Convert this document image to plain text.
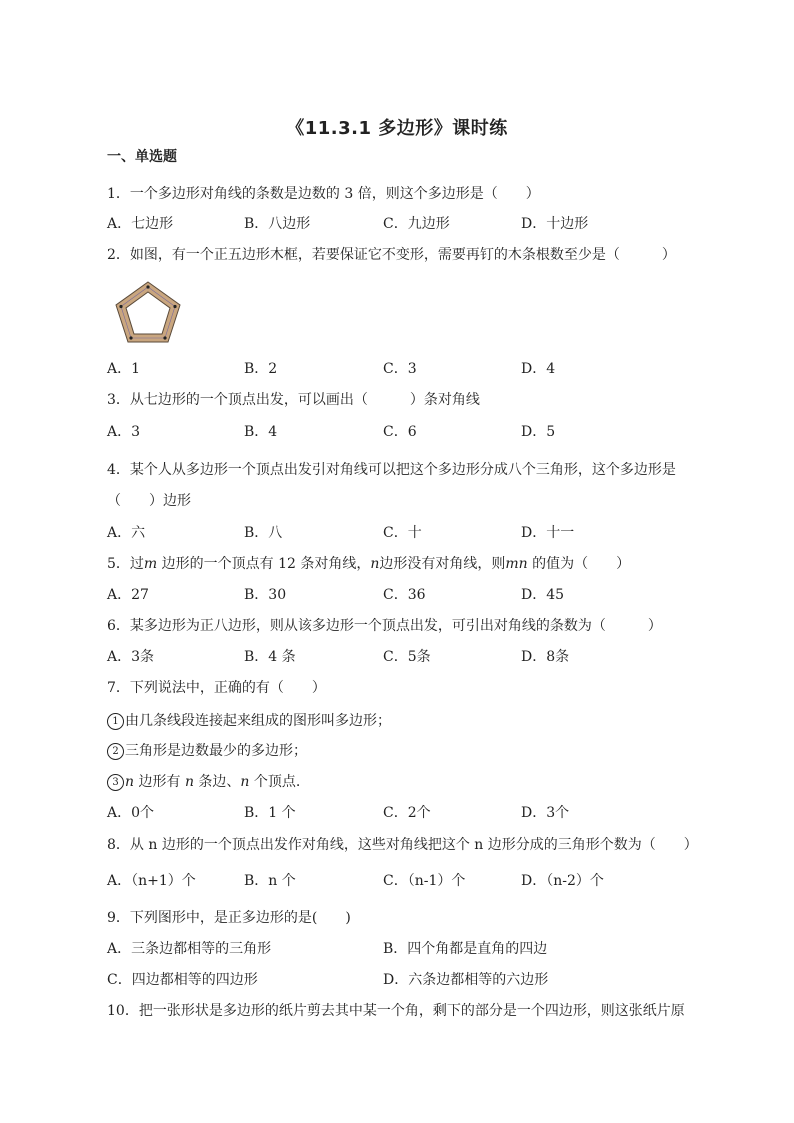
《11.3.1 多边形》课时练
一、单选题
1．一个多边形对角线的条数是边数的 3 倍，则这个多边形是（　　）
A．七边形	B．八边形	C．九边形	D．十边形
2．如图，有一个正五边形木框，若要保证它不变形，需要再钉的木条根数至少是（　　　）
A．1	B．2	C．3	D．4
3．从七边形的一个顶点出发，可以画出（　　　）条对角线
A．3	B．4	C．6	D．5
4．某个人从多边形一个顶点出发引对角线可以把这个多边形分成八个三角形，这个多边形是
（　　）边形
A．六	B．八	C．十	D．十一
5．过m 边形的一个顶点有 12 条对角线，n边形没有对角线，则mn 的值为（　　）
A．27	B．30	C．36	D．45
6．某多边形为正八边形，则从该多边形一个顶点出发，可引出对角线的条数为（　　　）
A．3条	B．4 条	C．5条	D．8条
7．下列说法中，正确的有（　　）
1 由几条线段连接起来组成的图形叫多边形；
2 三角形是边数最少的多边形；
3 n 边形有 n 条边、n 个顶点.
A．0个	B．1 个	C．2个	D．3个
8．从 n 边形的一个顶点出发作对角线，这些对角线把这个 n 边形分成的三角形个数为（　　）
A．（n+1）个	B．n 个	C．（n-1）个	D．（n-2）个
9．下列图形中，是正多边形的是(　　)
A．三条边都相等的三角形	B．四个角都是直角的四边
C．四边都相等的四边形	D．六条边都相等的六边形
10．把一张形状是多边形的纸片剪去其中某一个角，剩下的部分是一个四边形，则这张纸片原
